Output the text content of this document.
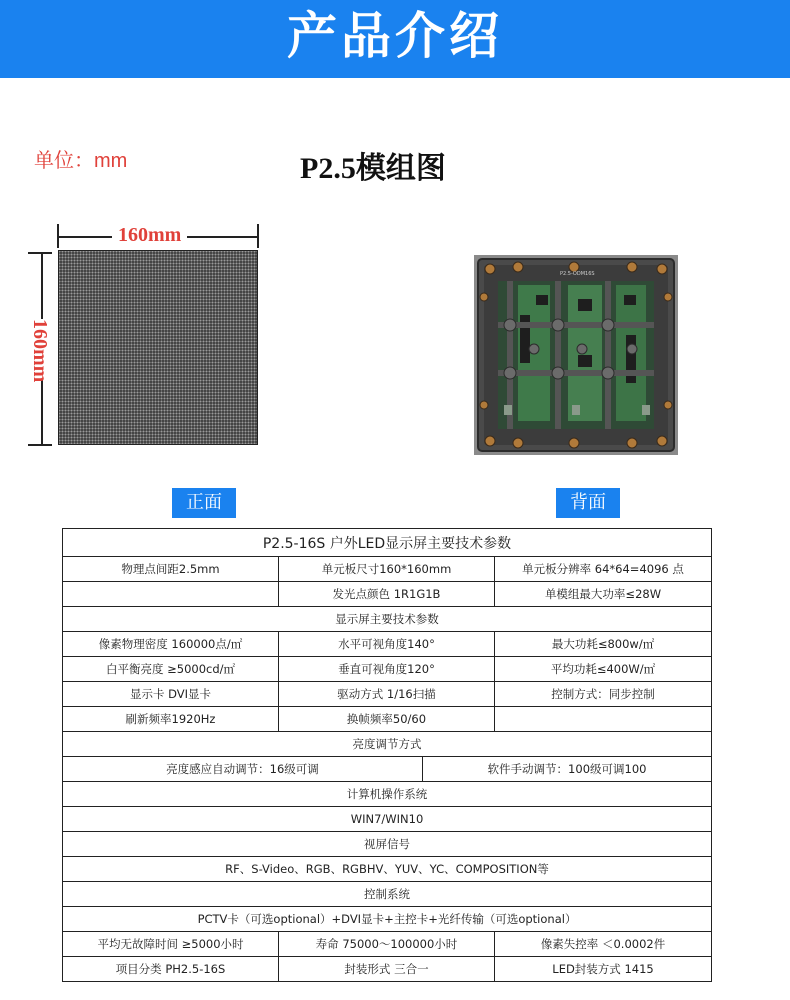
产品介绍
单位：mm	P2.5模组图
160mm
160mm
P2.5-ODM16S
正面	背面
P2.5-16S 户外LED显示屏主要技术参数			
物理点间距2.5mm	单元板尺寸160*160mm		单元板分辨率 64*64=4096 点
	发光点颜色 1R1G1B		单模组最大功率≤28W
显示屏主要技术参数			
像素物理密度 160000点/㎡	水平可视角度140°		最大功耗≤800w/㎡
白平衡亮度 ≥5000cd/㎡	垂直可视角度120°		平均功耗≤400W/㎡
显示卡 DVI显卡	驱动方式 1/16扫描		控制方式：同步控制
刷新频率1920Hz	换帧频率50/60		
亮度调节方式			
亮度感应自动调节：16级可调		软件手动调节：100级可调100	
计算机操作系统			
WIN7/WIN10			
视屏信号			
RF、S-Video、RGB、RGBHV、YUV、YC、COMPOSITION等			
控制系统			
PCTV卡（可选optional）+DVI显卡+主控卡+光纤传输（可选optional）			
平均无故障时间 ≥5000小时	寿命 75000～100000小时		像素失控率 ＜0.0002件
项目分类 PH2.5-16S	封装形式 三合一		LED封装方式 1415
